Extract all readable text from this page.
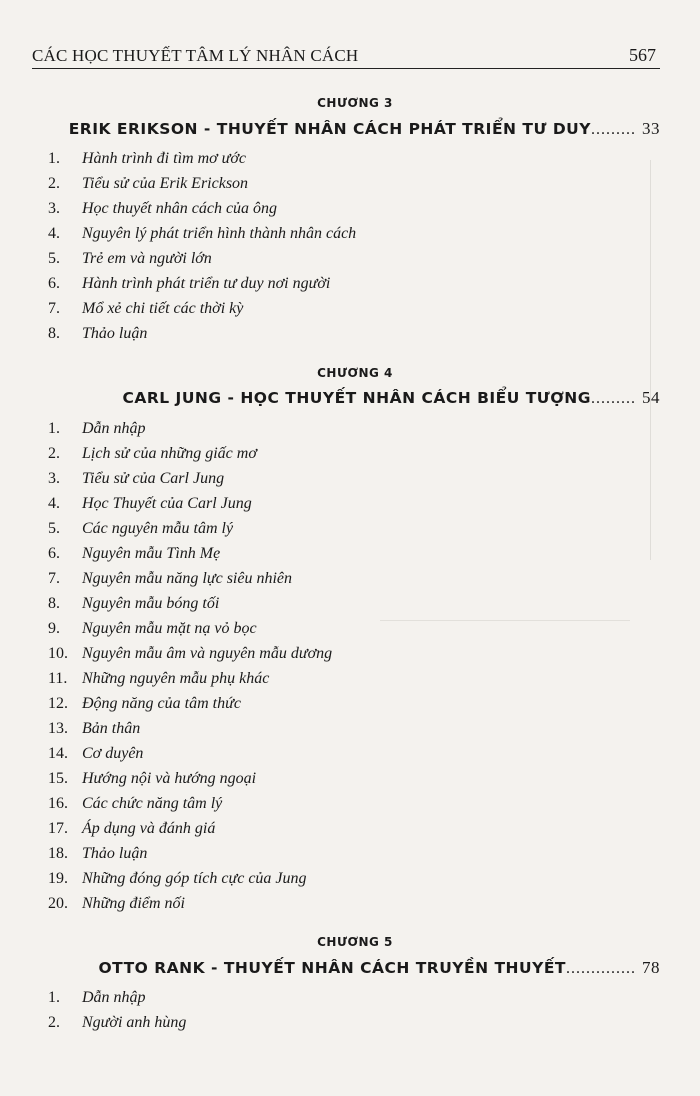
CÁC HỌC THUYẾT TÂM LÝ NHÂN CÁCH	567
CHƯƠNG 3
ERIK ERIKSON - THUYẾT NHÂN CÁCH PHÁT TRIỂN TƯ DUY......... 33
1. Hành trình đi tìm mơ ước
2. Tiểu sử của Erik Erickson
3. Học thuyết nhân cách của ông
4. Nguyên lý phát triển hình thành nhân cách
5. Trẻ em và người lớn
6. Hành trình phát triển tư duy nơi người
7. Mổ xẻ chi tiết các thời kỳ
8. Thảo luận
CHƯƠNG 4
CARL JUNG - HỌC THUYẾT NHÂN CÁCH BIỂU TƯỢNG......... 54
1. Dẫn nhập
2. Lịch sử của những giấc mơ
3. Tiểu sử của Carl Jung
4. Học Thuyết của Carl Jung
5. Các nguyên mẫu tâm lý
6. Nguyên mẫu Tình Mẹ
7. Nguyên mẫu năng lực siêu nhiên
8. Nguyên mẫu bóng tối
9. Nguyên mẫu mặt nạ vỏ bọc
10. Nguyên mẫu âm và nguyên mẫu dương
11. Những nguyên mẫu phụ khác
12. Động năng của tâm thức
13. Bản thân
14. Cơ duyên
15. Hướng nội và hướng ngoại
16. Các chức năng tâm lý
17. Áp dụng và đánh giá
18. Thảo luận
19. Những đóng góp tích cực của Jung
20. Những điểm nối
CHƯƠNG 5
OTTO RANK - THUYẾT NHÂN CÁCH TRUYỀN THUYẾT.............. 78
1. Dẫn nhập
2. Người anh hùng
